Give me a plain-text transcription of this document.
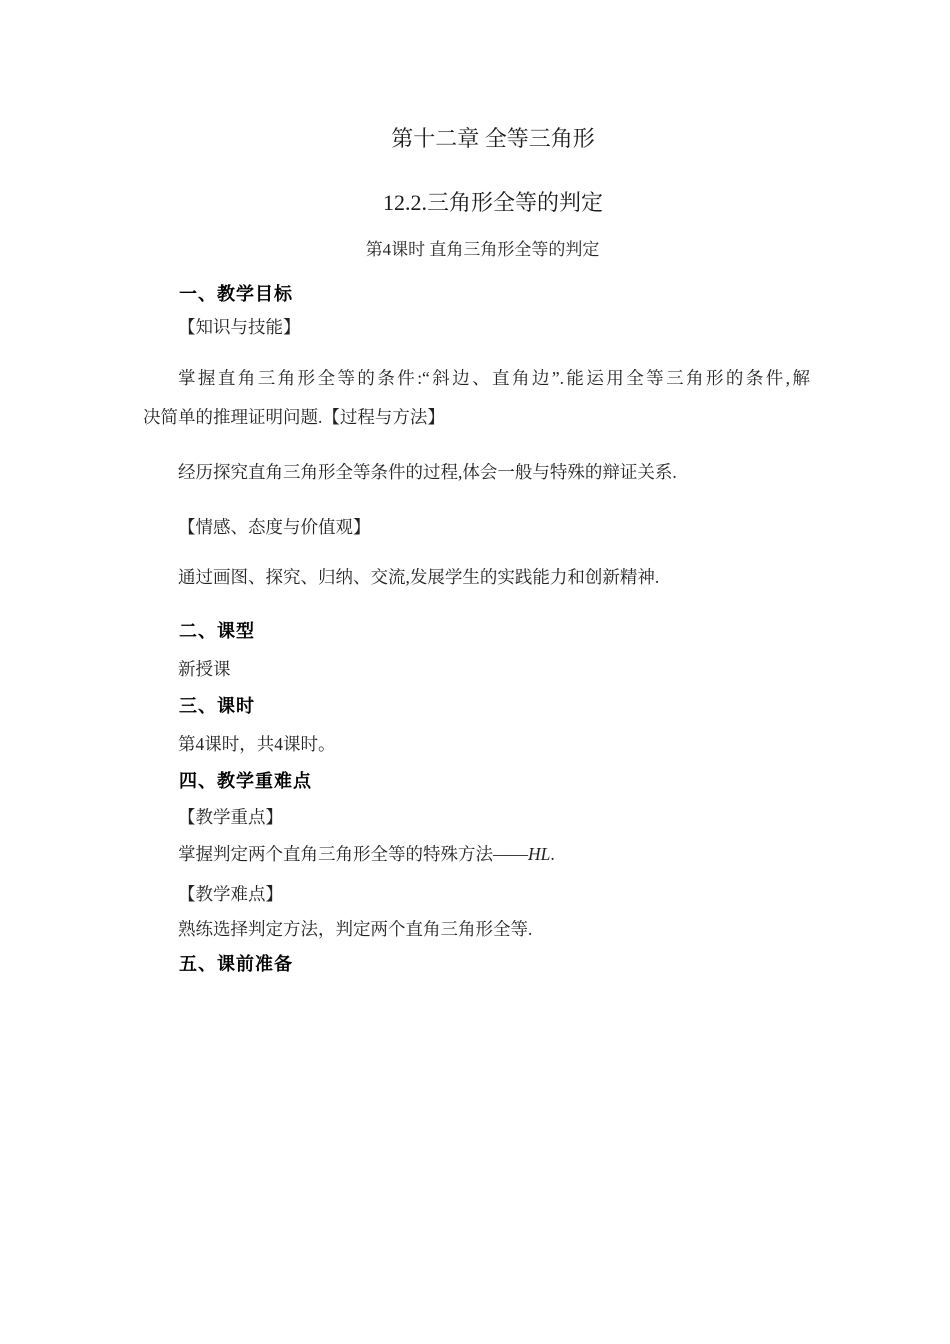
第十二章 全等三角形
12.2.三角形全等的判定
第4课时 直角三角形全等的判定
一、教学目标
【知识与技能】
掌握直角三角形全等的条件:“斜边、直角边”.能运用全等三角形的条件,解
决简单的推理证明问题.【过程与方法】
经历探究直角三角形全等条件的过程,体会一般与特殊的辩证关系.
【情感、态度与价值观】
通过画图、探究、归纳、交流,发展学生的实践能力和创新精神.
二、课型
新授课
三、课时
第4课时，共4课时。
四、教学重难点
【教学重点】
掌握判定两个直角三角形全等的特殊方法——HL.
【教学难点】
熟练选择判定方法，判定两个直角三角形全等.
五、课前准备
